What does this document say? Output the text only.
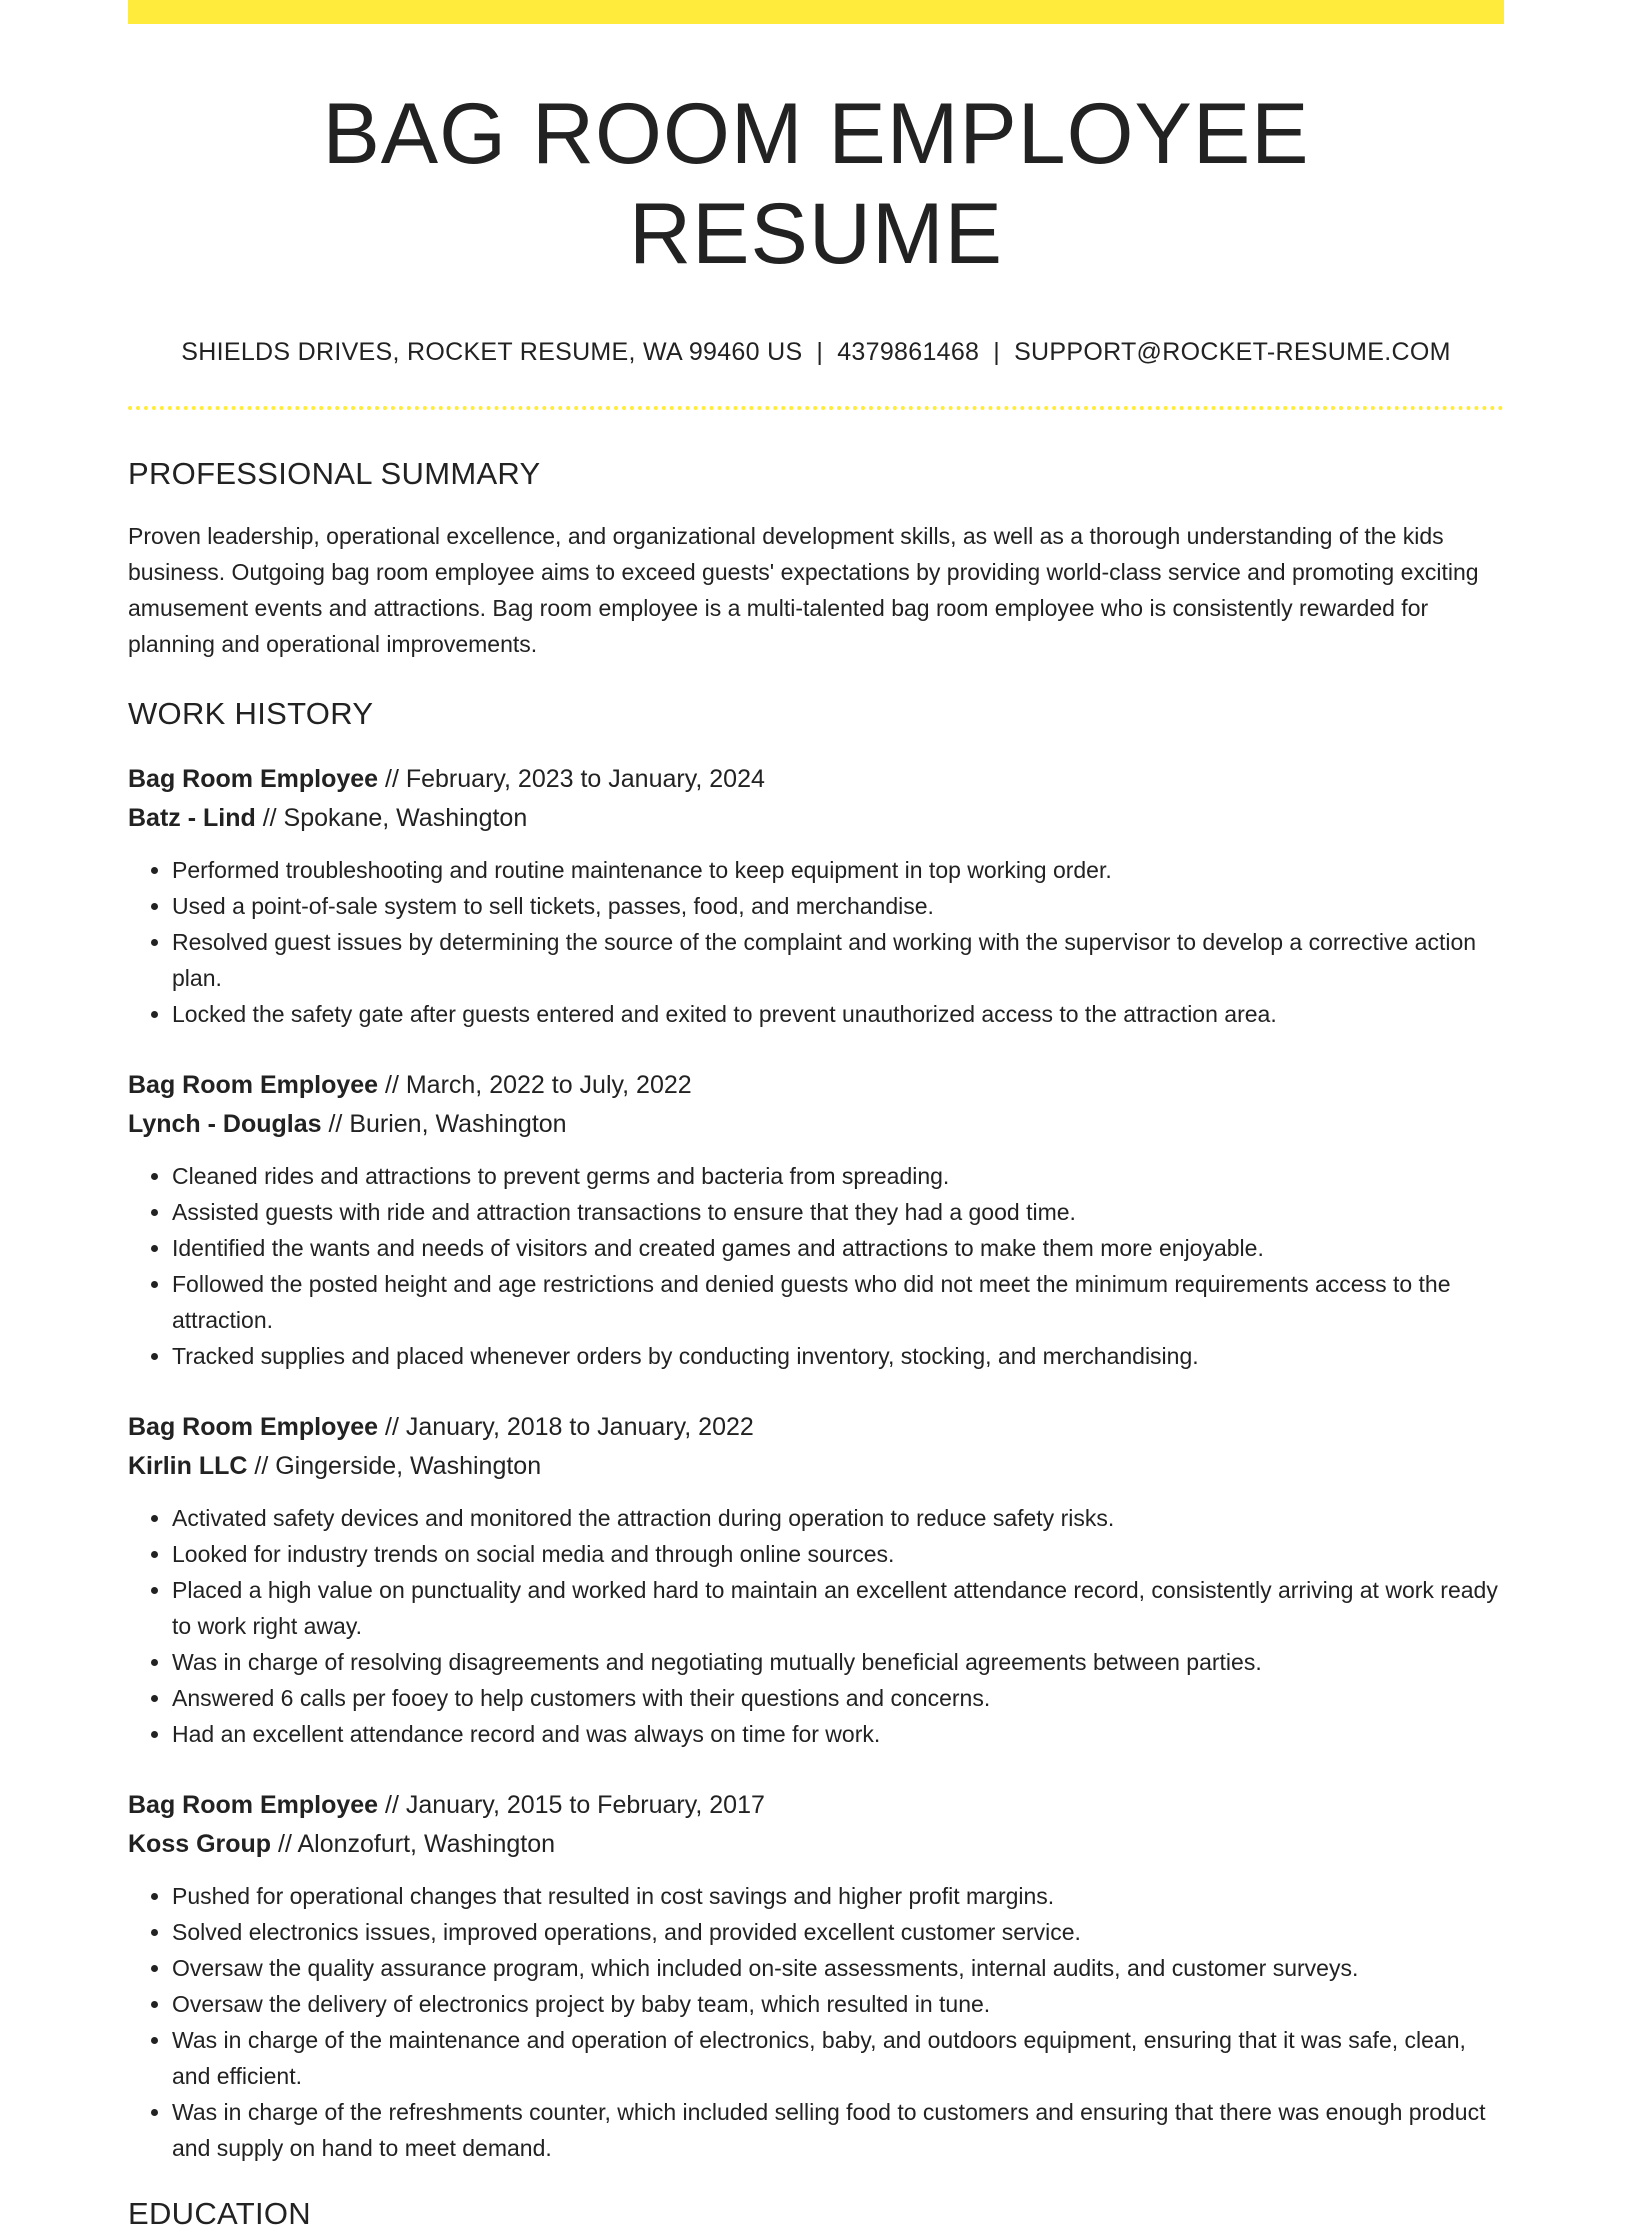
BAG ROOM EMPLOYEE RESUME
SHIELDS DRIVES, ROCKET RESUME, WA 99460 US | 4379861468 | SUPPORT@ROCKET-RESUME.COM
PROFESSIONAL SUMMARY

Proven leadership, operational excellence, and organizational development skills, as well as a thorough understanding of the kids business. Outgoing bag room employee aims to exceed guests' expectations by providing world-class service and promoting exciting amusement events and attractions. Bag room employee is a multi-talented bag room employee who is consistently rewarded for planning and operational improvements.

WORK HISTORY
Bag Room Employee // February, 2023 to January, 2024
Batz - Lind // Spokane, Washington
• Performed troubleshooting and routine maintenance to keep equipment in top working order.
• Used a point-of-sale system to sell tickets, passes, food, and merchandise.
• Resolved guest issues by determining the source of the complaint and working with the supervisor to develop a corrective action plan.
• Locked the safety gate after guests entered and exited to prevent unauthorized access to the attraction area.
Bag Room Employee // March, 2022 to July, 2022
Lynch - Douglas // Burien, Washington
• Cleaned rides and attractions to prevent germs and bacteria from spreading.
• Assisted guests with ride and attraction transactions to ensure that they had a good time.
• Identified the wants and needs of visitors and created games and attractions to make them more enjoyable.
• Followed the posted height and age restrictions and denied guests who did not meet the minimum requirements access to the attraction.
• Tracked supplies and placed whenever orders by conducting inventory, stocking, and merchandising.
Bag Room Employee // January, 2018 to January, 2022
Kirlin LLC // Gingerside, Washington
• Activated safety devices and monitored the attraction during operation to reduce safety risks.
• Looked for industry trends on social media and through online sources.
• Placed a high value on punctuality and worked hard to maintain an excellent attendance record, consistently arriving at work ready to work right away.
• Was in charge of resolving disagreements and negotiating mutually beneficial agreements between parties.
• Answered 6 calls per fooey to help customers with their questions and concerns.
• Had an excellent attendance record and was always on time for work.
Bag Room Employee // January, 2015 to February, 2017
Koss Group // Alonzofurt, Washington
• Pushed for operational changes that resulted in cost savings and higher profit margins.
• Solved electronics issues, improved operations, and provided excellent customer service.
• Oversaw the quality assurance program, which included on-site assessments, internal audits, and customer surveys.
• Oversaw the delivery of electronics project by baby team, which resulted in tune.
• Was in charge of the maintenance and operation of electronics, baby, and outdoors equipment, ensuring that it was safe, clean, and efficient.
• Was in charge of the refreshments counter, which included selling food to customers and ensuring that there was enough product and supply on hand to meet demand.
EDUCATION
